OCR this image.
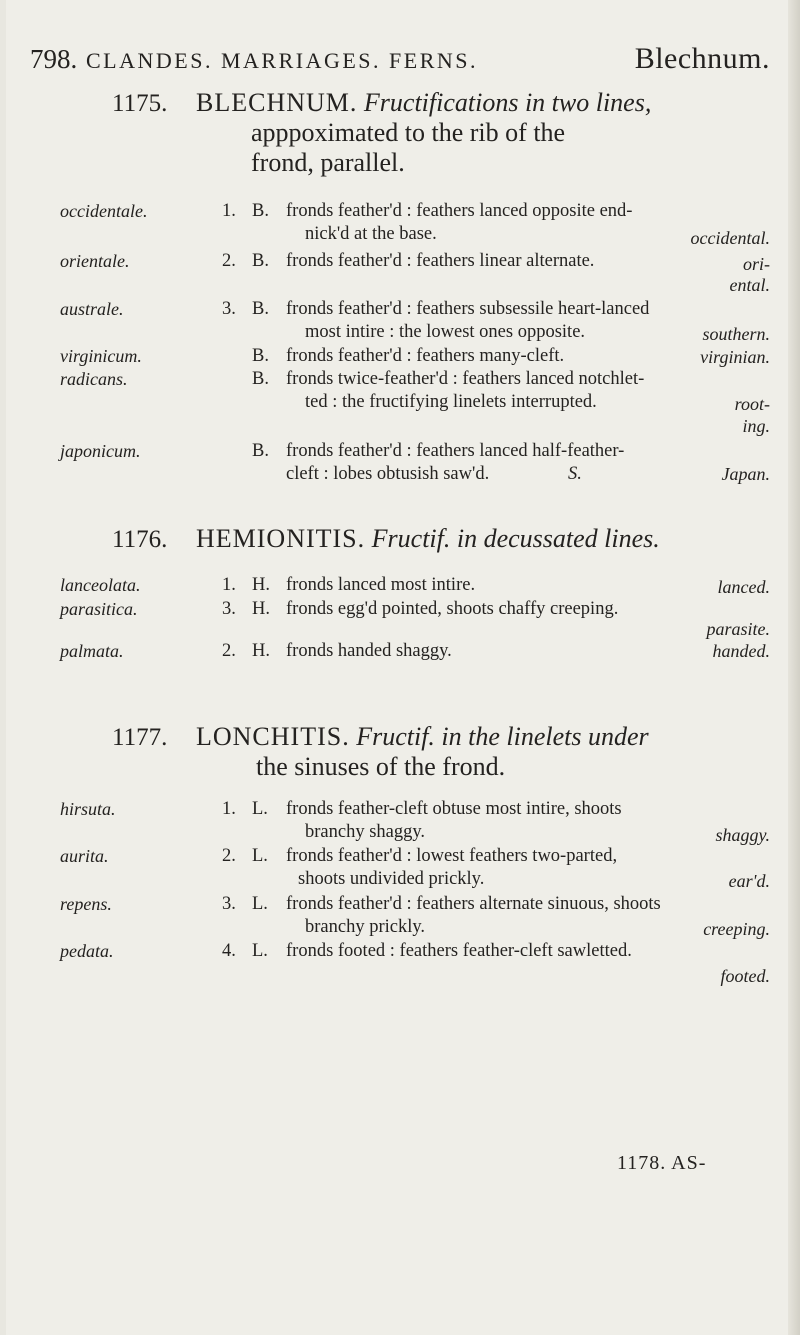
798. CLANDES. MARRIAGES. FERNS.	Blechnum.
1175. BLECHNUM. Fructifications in two lines,
apppoximated to the rib of the
frond, parallel.
occidentale.	1. B. fronds feather'd : feathers lanced opposite end-
nick'd at the base.	occidental.
orientale.	2. B. fronds feather'd : feathers linear alternate.	ori-
ental.
australe.	3. B. fronds feather'd : feathers subsessile heart-lanced
most intire : the lowest ones opposite.	southern.
virginicum.	B. fronds feather'd : feathers many-cleft.	virginian.
radicans.	B. fronds twice-feather'd : feathers lanced notchlet-
ted : the fructifying linelets interrupted.	root-
ing.
japonicum.	B. fronds feather'd : feathers lanced half-feather-
cleft : lobes obtusish saw'd.	S.	Japan.
1176. HEMIONITIS. Fructif. in decussated lines.
lanceolata.	1. H. fronds lanced most intire.	lanced.
parasitica.	3. H. fronds egg'd pointed, shoots chaffy creeping.
parasite.
palmata.	2. H. fronds handed shaggy.	handed.
1177. LONCHITIS. Fructif. in the linelets under
the sinuses of the frond.
hirsuta.	1. L. fronds feather-cleft obtuse most intire, shoots
branchy shaggy.	shaggy.
aurita.	2. L. fronds feather'd : lowest feathers two-parted,
shoots undivided prickly.	ear'd.
repens.	3. L. fronds feather'd : feathers alternate sinuous, shoots
branchy prickly.	creeping.
pedata.	4. L. fronds footed : feathers feather-cleft sawletted.
footed.
1178. AS-
